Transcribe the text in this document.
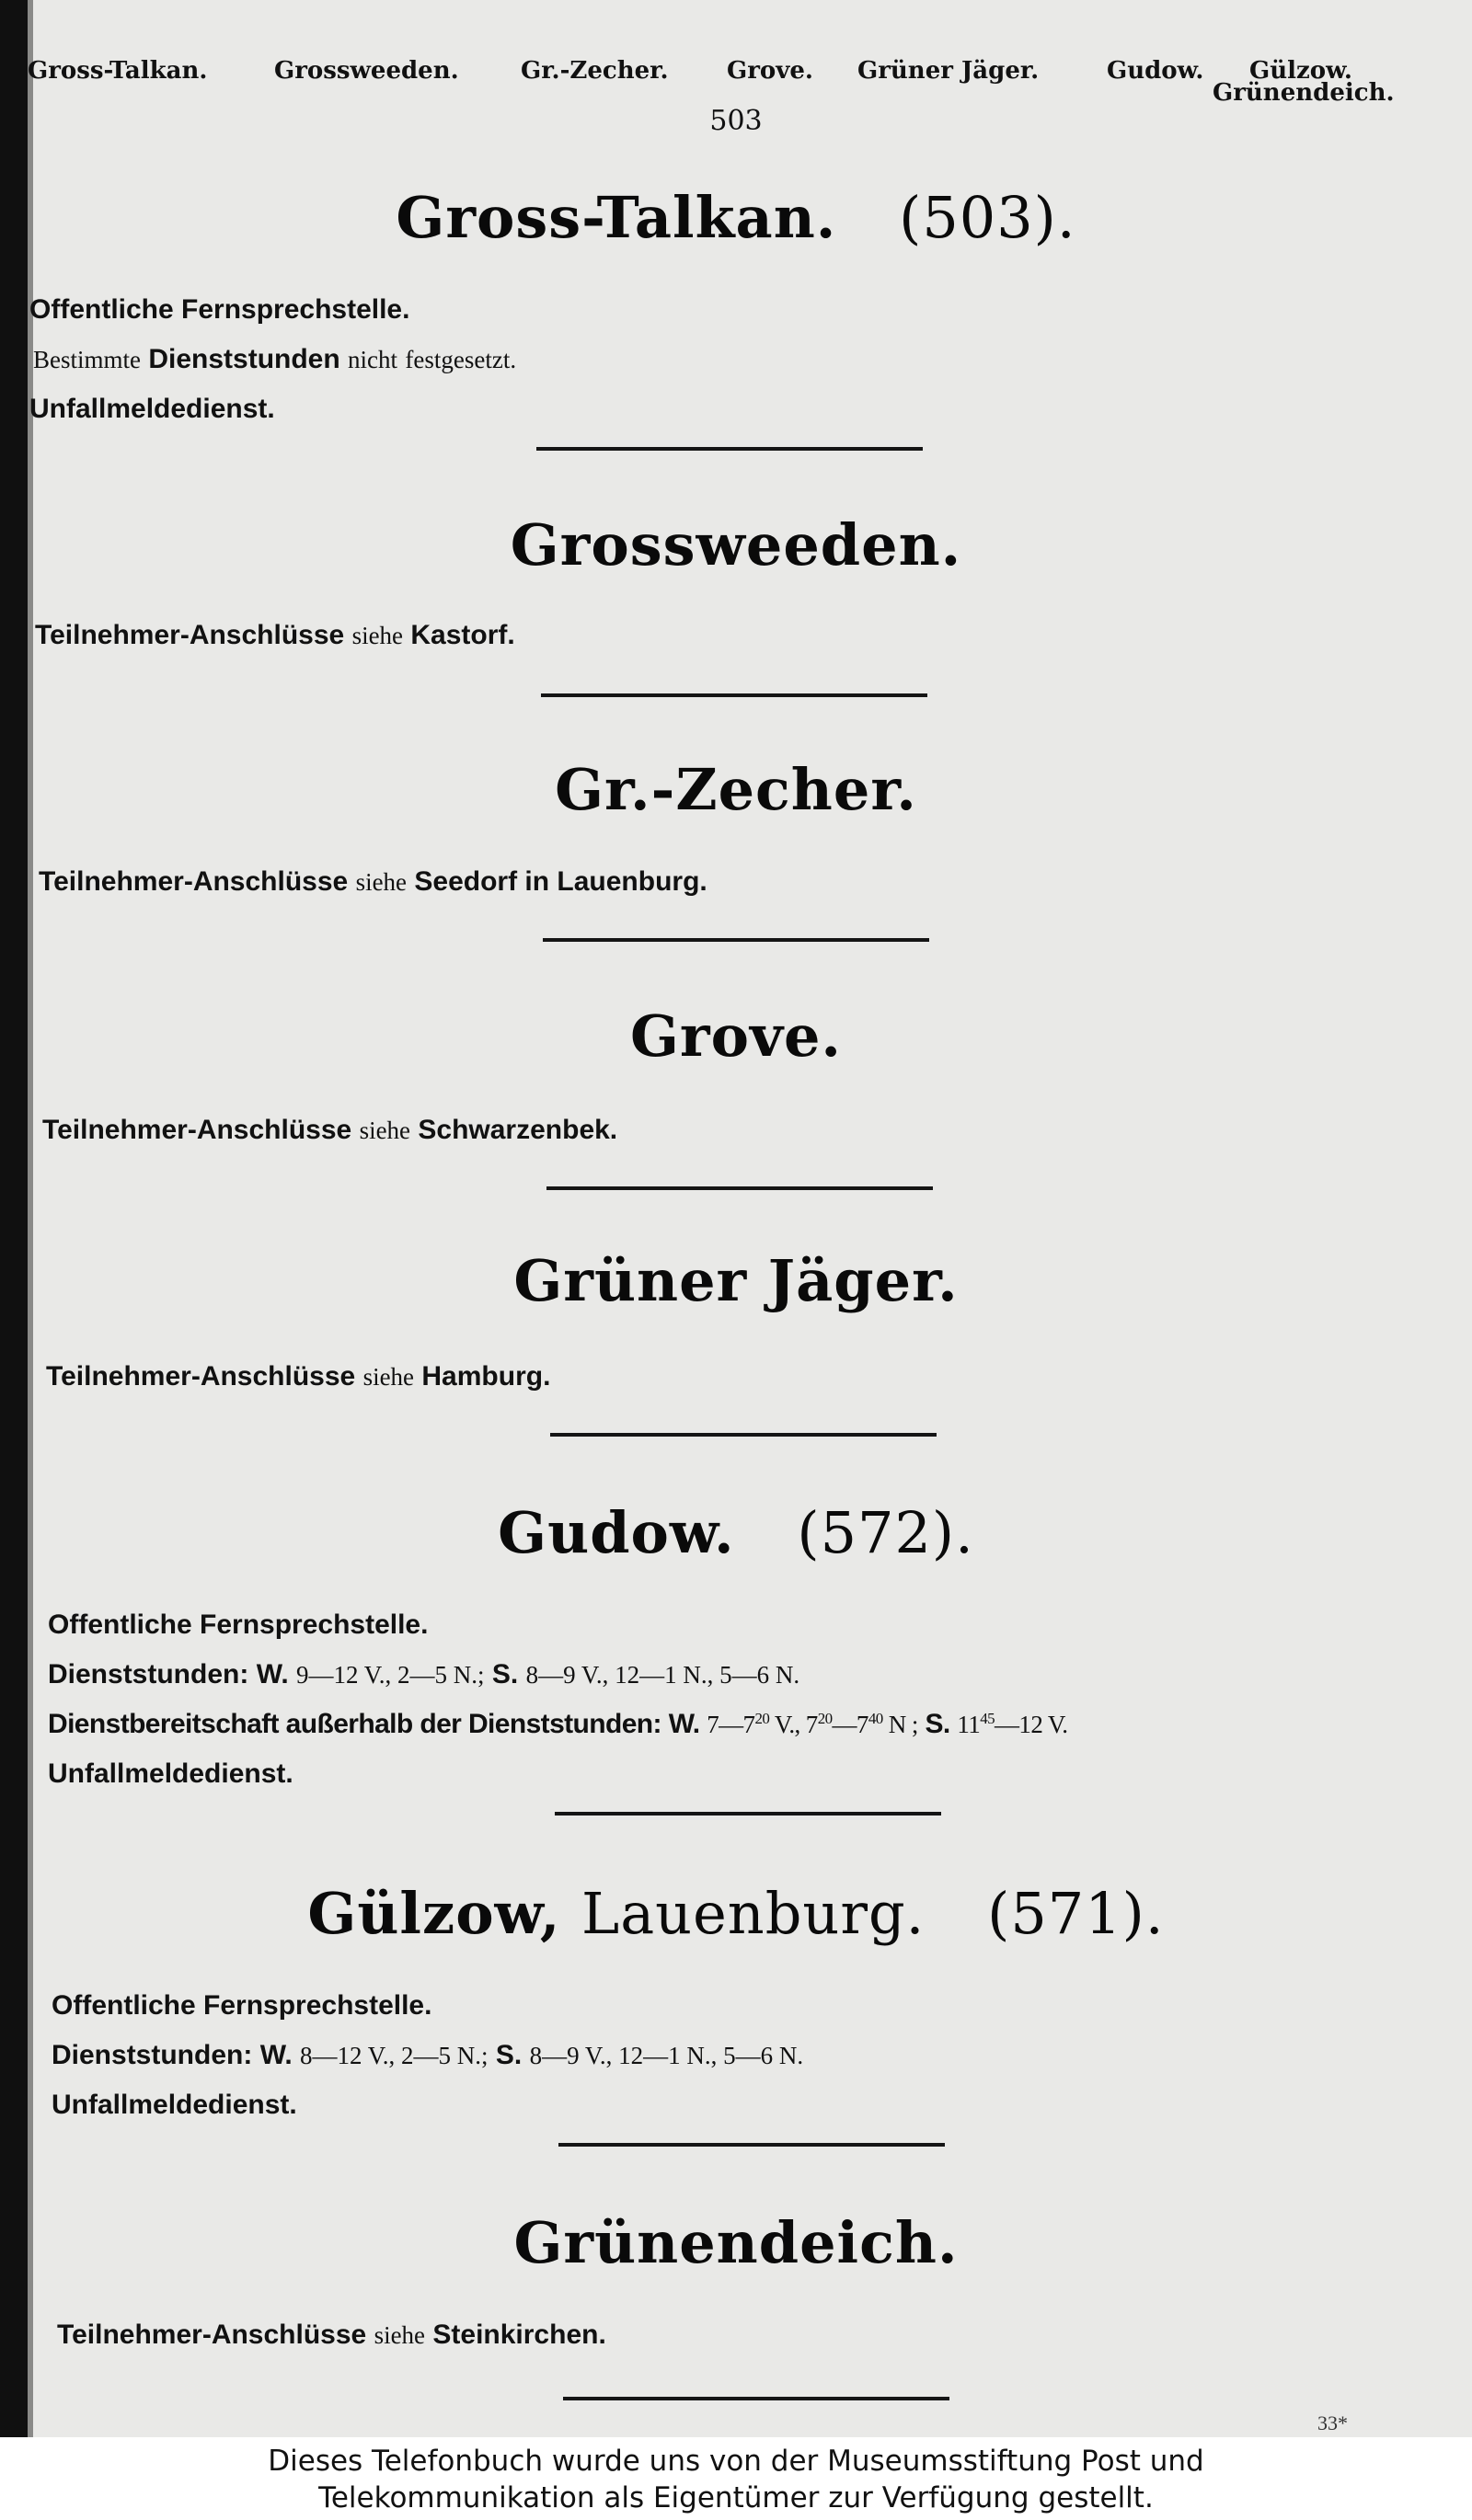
Gross-Talkan.	Grossweeden.	Gr.-Zecher. Grove. Grüner Jäger.	Gudow. Gülzow.
Grünendeich.
503
Gross-Talkan. (503).
Offentliche Fernsprechstelle.
Bestimmte Dienststunden nicht festgesetzt.
Unfallmeldedienst.
Grossweeden.
Teilnehmer-Anschlüsse siehe Kastorf.
Gr.-Zecher.
Teilnehmer-Anschlüsse siehe Seedorf in Lauenburg.
Grove.
Teilnehmer-Anschlüsse siehe Schwarzenbek.
Grüner Jäger.
Teilnehmer-Anschlüsse siehe Hamburg.
Gudow. (572).
Offentliche Fernsprechstelle.
Dienststunden: W. 9—12 V., 2—5 N.; S. 8—9 V., 12—1 N., 5—6 N.
Dienstbereitschaft außerhalb der Dienststunden: W. $7—7^{20}$ V., $7^{20}—7^{40}$ N ; S. $11^{45}—12$ V.
Unfallmeldedienst.
Gülzow, Lauenburg. (571).
Offentliche Fernsprechstelle.
Dienststunden: W. 8—12 V., 2—5 N.; S. 8—9 V., 12—1 N., 5—6 N.
Unfallmeldedienst.
Grünendeich.
Teilnehmer-Anschlüsse siehe Steinkirchen.
33*
Dieses Telefonbuch wurde uns von der Museumsstiftung Post und
Telekommunikation als Eigentümer zur Verfügung gestellt.
